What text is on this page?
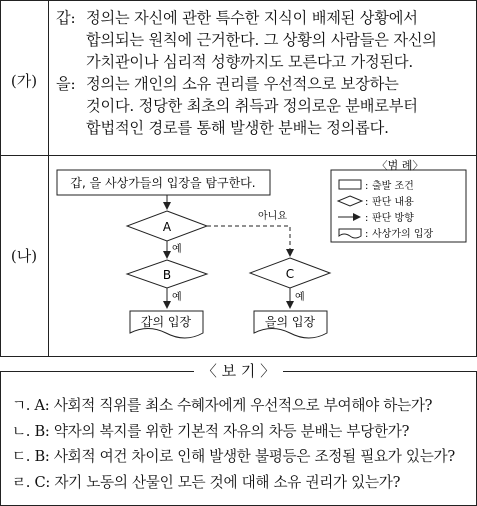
(가)
갑: 정의는 자신에 관한 특수한 지식이 배제된 상황에서
합의되는 원칙에 근거한다. 그 상황의 사람들은 자신의
가치관이나 심리적 성향까지도 모른다고 가정된다.
을: 정의는 개인의 소유 권리를 우선적으로 보장하는
것이다. 정당한 최초의 취득과 정의로운 분배로부터
합법적인 경로를 통해 발생한 분배는 정의롭다.
(나)
갑, 을 사상가들의 입장을 탐구한다.
A
예
아니요
B	C
예	예
갑의 입장	을의 입장
〈범 례〉
: 출발 조건
: 판단 내용
: 판단 방향
: 사상가의 입장
〈 보 기 〉
ㄱ. A: 사회적 직위를 최소 수혜자에게 우선적으로 부여해야 하는가?
ㄴ. B: 약자의 복지를 위한 기본적 자유의 차등 분배는 부당한가?
ㄷ. B: 사회적 여건 차이로 인해 발생한 불평등은 조정될 필요가 있는가?
ㄹ. C: 자기 노동의 산물인 모든 것에 대해 소유 권리가 있는가?
